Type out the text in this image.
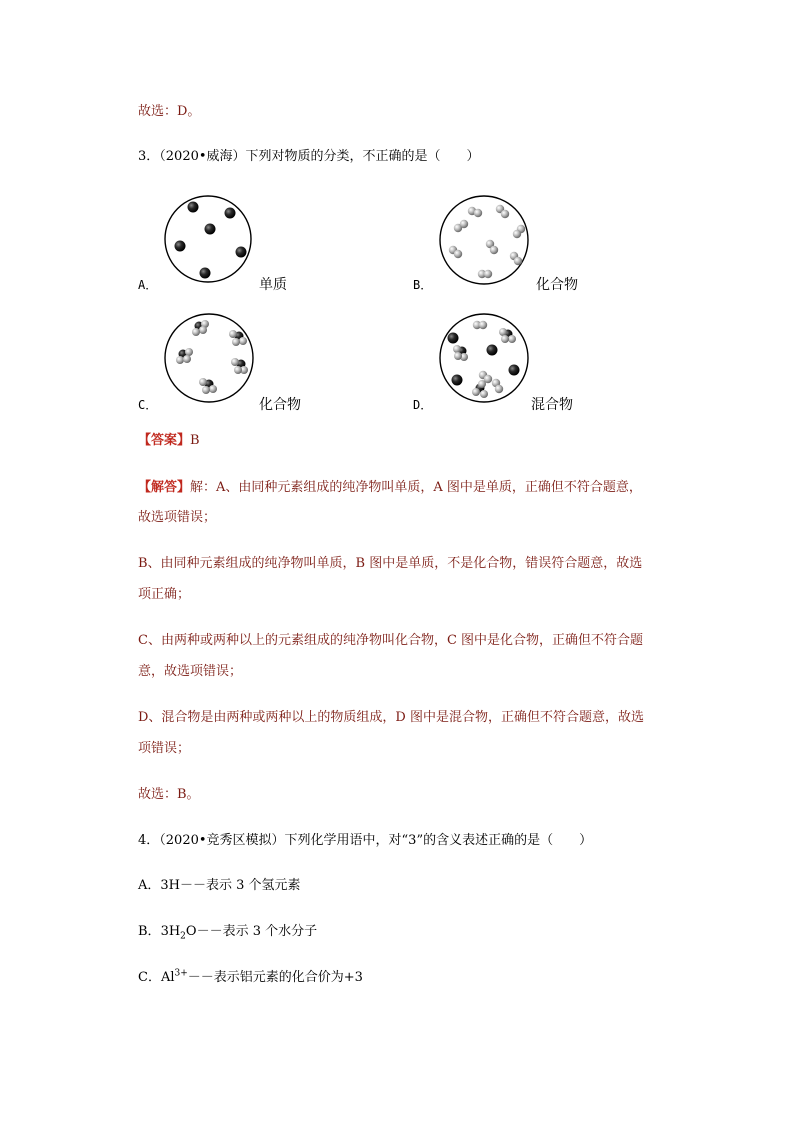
故选：D。
3．（2020•威海）下列对物质的分类，不正确的是（　　）
A．	单质	B．	化合物
C．	化合物	D．	混合物
【答案】B
【解答】解：A、由同种元素组成的纯净物叫单质，A 图中是单质，正确但不符合题意，
故选项错误；
B、由同种元素组成的纯净物叫单质，B 图中是单质，不是化合物，错误符合题意，故选
项正确；
C、由两种或两种以上的元素组成的纯净物叫化合物，C 图中是化合物，正确但不符合题
意，故选项错误；
D、混合物是由两种或两种以上的物质组成，D 图中是混合物，正确但不符合题意，故选
项错误；
故选：B。
4．（2020•竞秀区模拟）下列化学用语中，对“3”的含义表述正确的是（　　）
A．3H－－表示 3 个氢元素
B．$3H_2O--$表示 3 个水分子
C．$Al^{3+}--$表示铝元素的化合价为+3
